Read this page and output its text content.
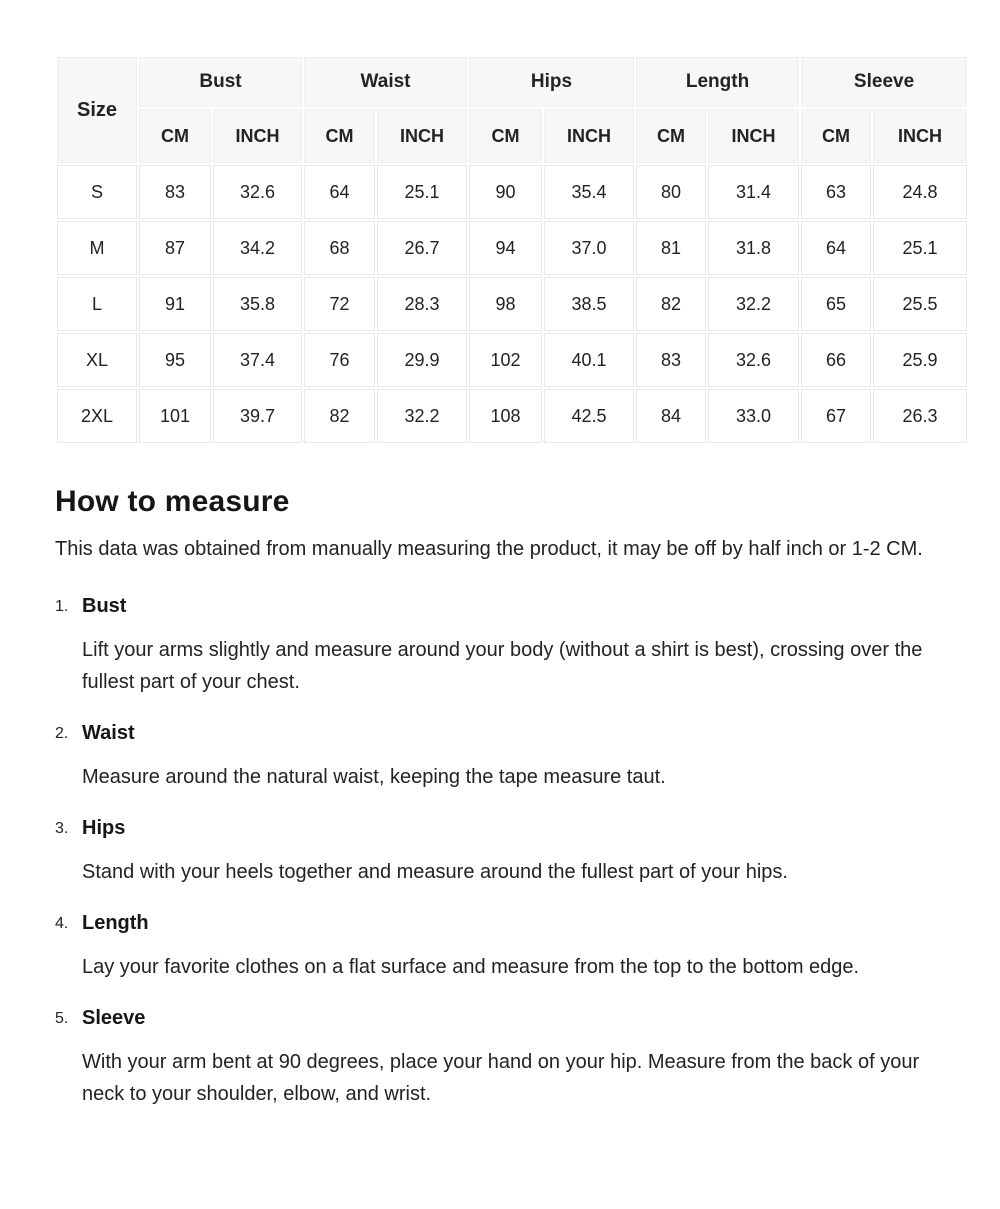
Size	Bust		Waist		Hips		Length		Sleeve	
	CM	INCH	CM	INCH	CM	INCH	CM	INCH	CM	INCH
S	83	32.6	64	25.1	90	35.4	80	31.4	63	24.8
M	87	34.2	68	26.7	94	37.0	81	31.8	64	25.1
L	91	35.8	72	28.3	98	38.5	82	32.2	65	25.5
XL	95	37.4	76	29.9	102	40.1	83	32.6	66	25.9
2XL	101	39.7	82	32.2	108	42.5	84	33.0	67	26.3
How to measure

This data was obtained from manually measuring the product, it may be off by half inch or 1-2 CM.

1. Bust

Lift your arms slightly and measure around your body (without a shirt is best), crossing over the fullest part of your chest.

2. Waist

Measure around the natural waist, keeping the tape measure taut.

3. Hips

Stand with your heels together and measure around the fullest part of your hips.

4. Length

Lay your favorite clothes on a flat surface and measure from the top to the bottom edge.

5. Sleeve

With your arm bent at 90 degrees, place your hand on your hip. Measure from the back of your neck to your shoulder, elbow, and wrist.
